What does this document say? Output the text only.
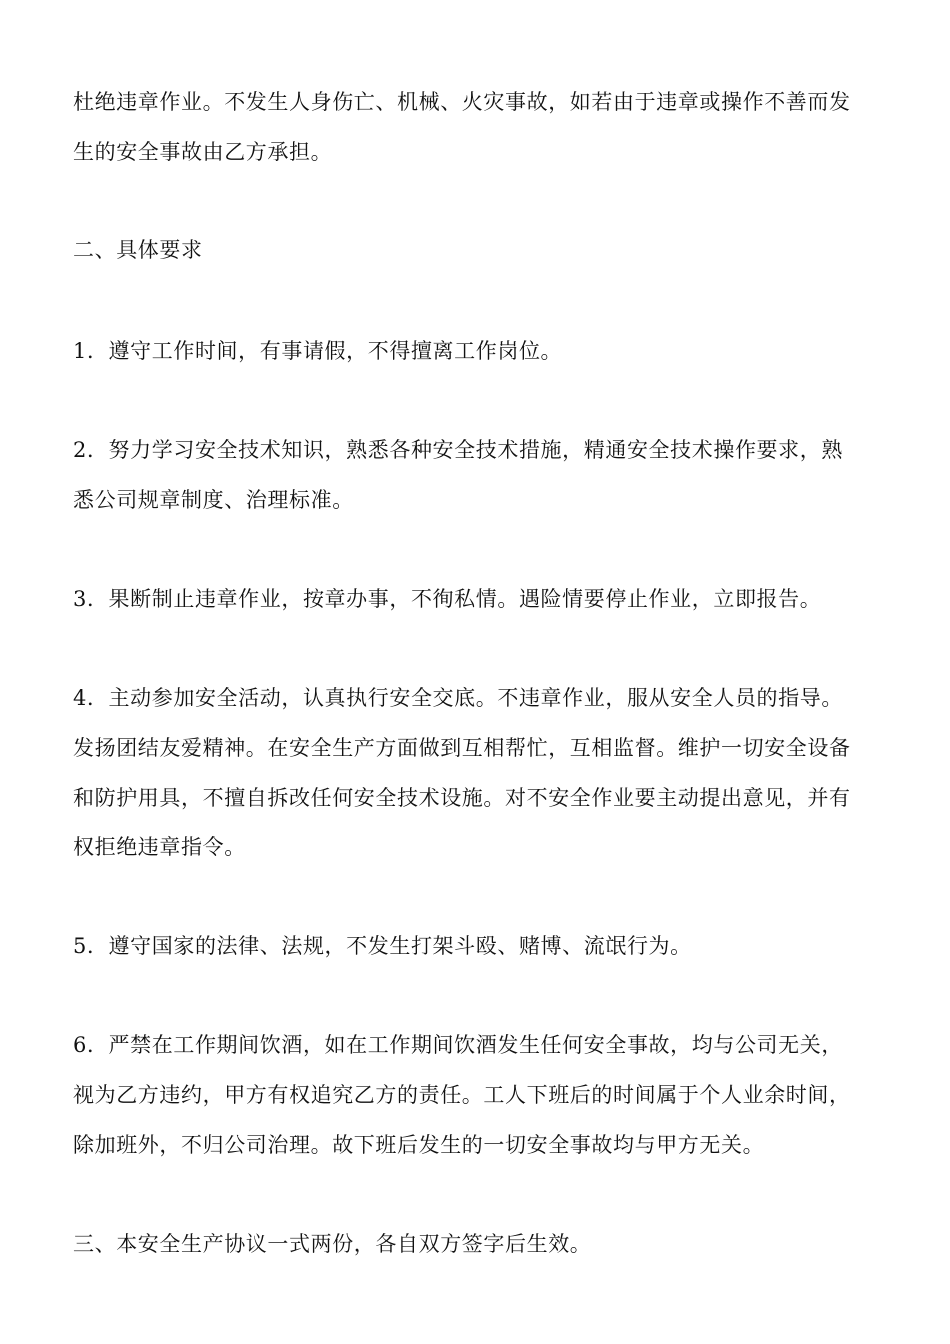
杜绝违章作业。不发生人身伤亡、机械、火灾事故，如若由于违章或操作不善而发
生的安全事故由乙方承担。
二、具体要求
1．遵守工作时间，有事请假，不得擅离工作岗位。
2．努力学习安全技术知识，熟悉各种安全技术措施，精通安全技术操作要求，熟
悉公司规章制度、治理标准。
3．果断制止违章作业，按章办事，不徇私情。遇险情要停止作业，立即报告。
4．主动参加安全活动，认真执行安全交底。不违章作业，服从安全人员的指导。
发扬团结友爱精神。在安全生产方面做到互相帮忙，互相监督。维护一切安全设备
和防护用具，不擅自拆改任何安全技术设施。对不安全作业要主动提出意见，并有
权拒绝违章指令。
5．遵守国家的法律、法规，不发生打架斗殴、赌博、流氓行为。
6．严禁在工作期间饮酒，如在工作期间饮酒发生任何安全事故，均与公司无关，
视为乙方违约，甲方有权追究乙方的责任。工人下班后的时间属于个人业余时间，
除加班外，不归公司治理。故下班后发生的一切安全事故均与甲方无关。
三、本安全生产协议一式两份，各自双方签字后生效。
